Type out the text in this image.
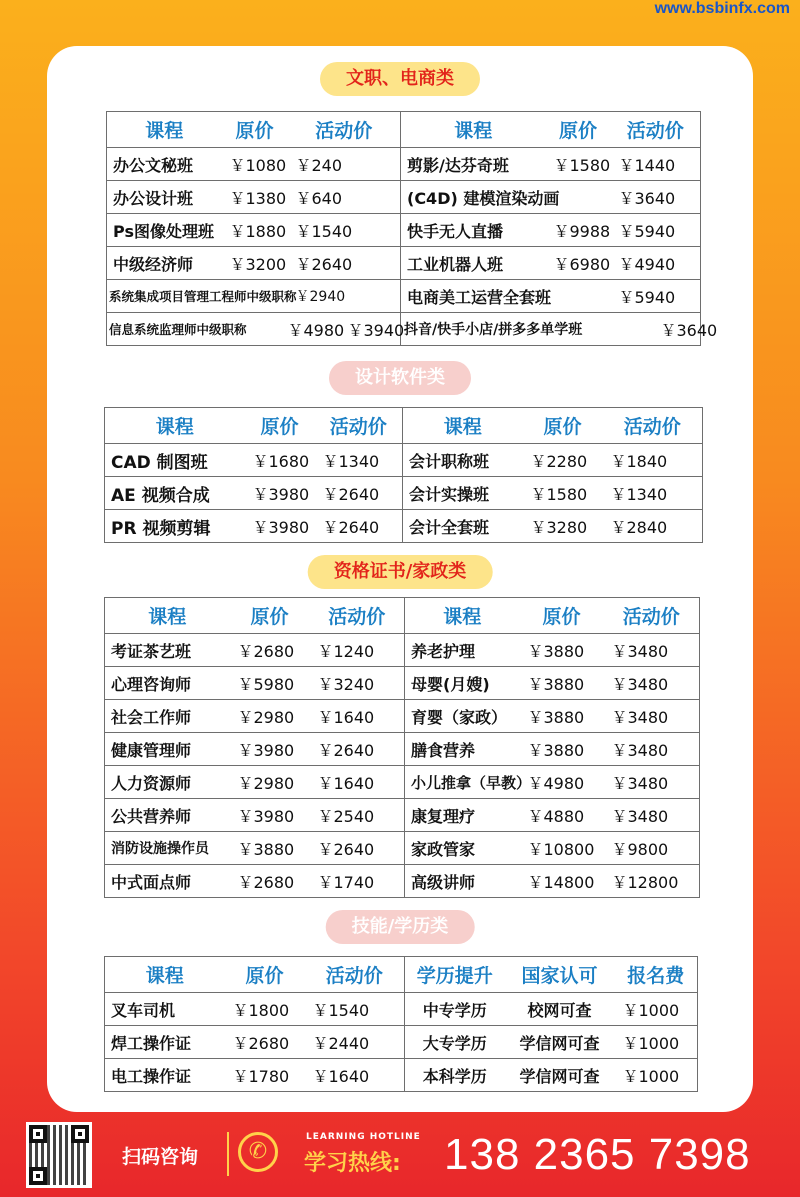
www.bsbinfx.com
文职、电商类
课程	原价	活动价	课程	原价	活动价
办公文秘班	￥1080	￥240	剪影/达芬奇班	￥1580	￥1440
办公设计班	￥1380	￥640	(C4D) 建模渲染动画		￥3640
Ps图像处理班	￥1880	￥1540	快手无人直播	￥9988	￥5940
中级经济师	￥3200	￥2640	工业机器人班	￥6980	￥4940
系统集成项目管理工程师中级职称		￥2940	电商美工运营全套班		￥5940
信息系统监理师中级职称	￥4980	￥3940	抖音/快手小店/拼多多单学班		￥3640
设计软件类
课程	原价	活动价	课程	原价	活动价
CAD 制图班	￥1680	￥1340	会计职称班	￥2280	￥1840
AE 视频合成	￥3980	￥2640	会计实操班	￥1580	￥1340
PR 视频剪辑	￥3980	￥2640	会计全套班	￥3280	￥2840
资格证书/家政类
课程	原价	活动价	课程	原价	活动价
考证茶艺班	￥2680	￥1240	养老护理	￥3880	￥3480
心理咨询师	￥5980	￥3240	母婴(月嫂)	￥3880	￥3480
社会工作师	￥2980	￥1640	育婴（家政）	￥3880	￥3480
健康管理师	￥3980	￥2640	膳食营养	￥3880	￥3480
人力资源师	￥2980	￥1640	小儿推拿（早教）	￥4980	￥3480
公共营养师	￥3980	￥2540	康复理疗	￥4880	￥3480
消防设施操作员	￥3880	￥2640	家政管家	￥10800	￥9800
中式面点师	￥2680	￥1740	高级讲师	￥14800	￥12800
技能/学历类
课程	原价	活动价	学历提升	国家认可	报名费
叉车司机	￥1800	￥1540	中专学历	校网可查	￥1000
焊工操作证	￥2680	￥2440	大专学历	学信网可查	￥1000
电工操作证	￥1780	￥1640	本科学历	学信网可查	￥1000
扫码咨询	✆
LEARNING HOTLINE
学习热线: 138 2365 7398
